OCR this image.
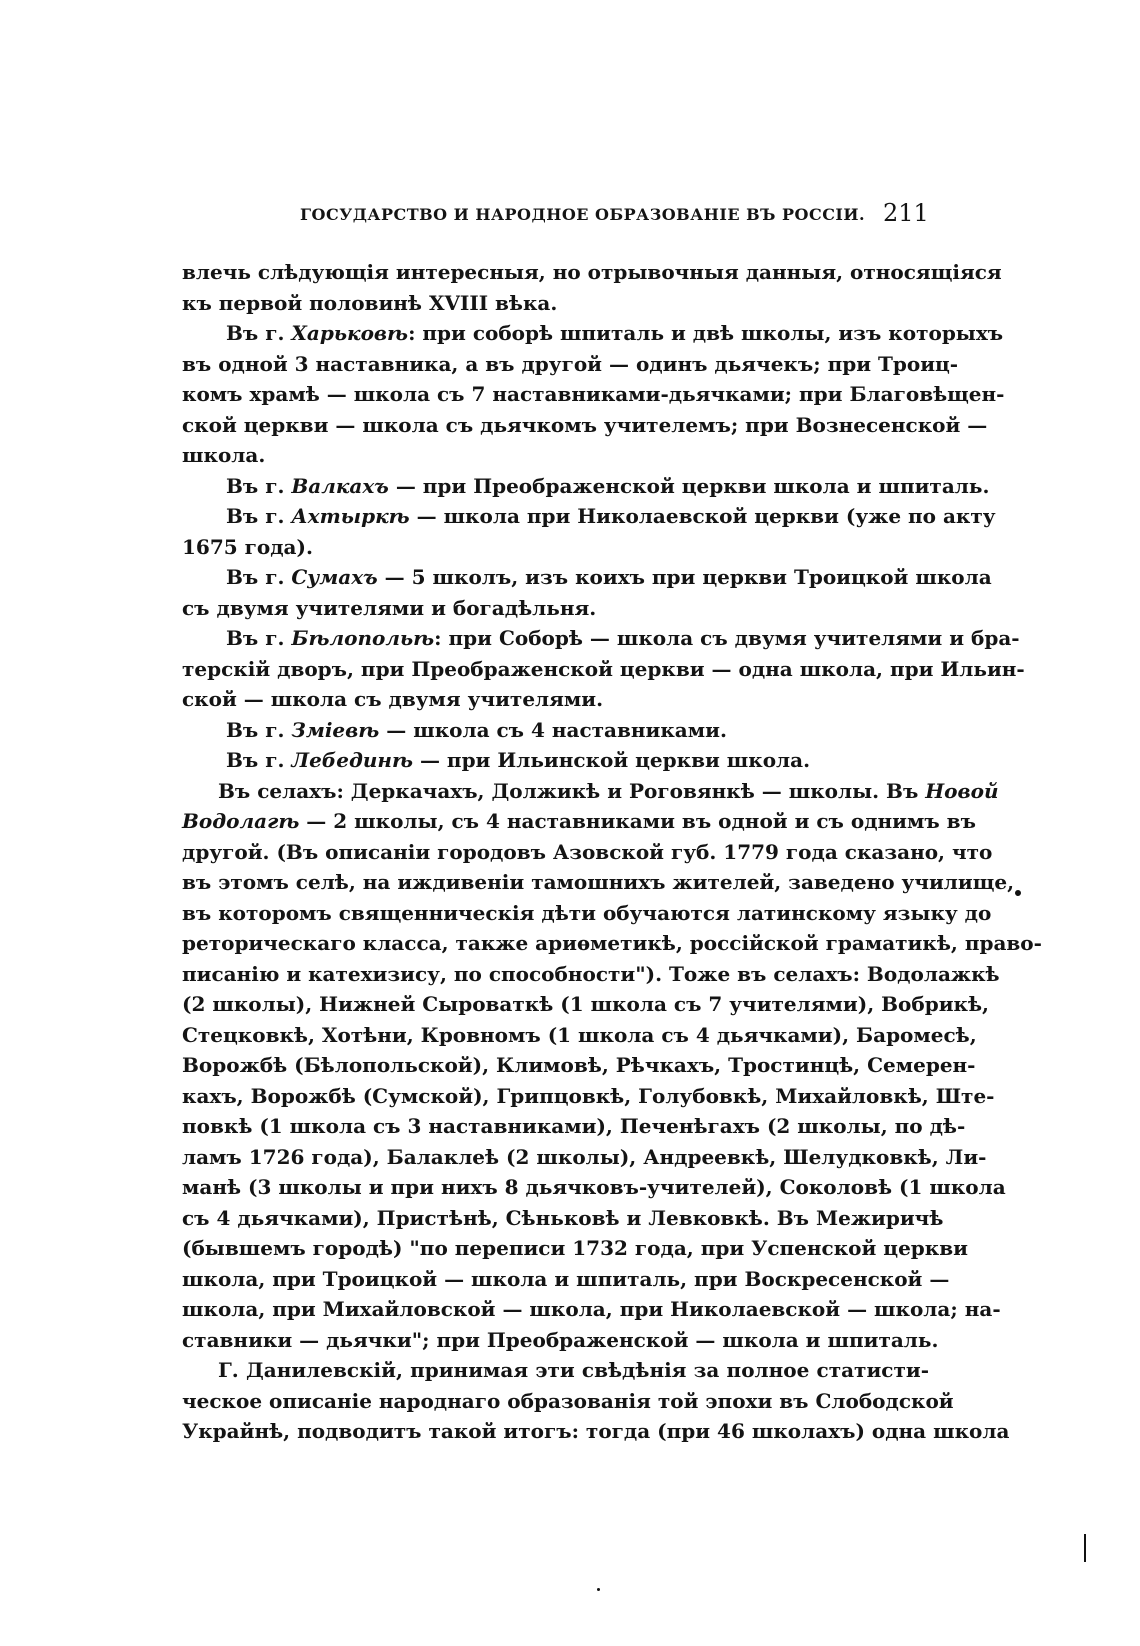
ГОСУДАРСТВО И НАРОДНОЕ ОБРАЗОВАНІЕ ВЪ РОССІИ. 211
влечь слѣдующія интересныя, но отрывочныя данныя, относящіяся
къ первой половинѣ XVIII вѣка.
Въ г. Харьковѣ: при соборѣ шпиталь и двѣ школы, изъ которыхъ
въ одной 3 наставника, а въ другой — одинъ дьячекъ; при Троиц-
комъ храмѣ — школа съ 7 наставниками-дьячками; при Благовѣщен-
ской церкви — школа съ дьячкомъ учителемъ; при Вознесенской —
школа.
Въ г. Валкахъ — при Преображенской церкви школа и шпиталь.
Въ г. Ахтыркѣ — школа при Николаевской церкви (уже по акту
1675 года).
Въ г. Сумахъ — 5 школъ, изъ коихъ при церкви Троицкой школа
съ двумя учителями и богадѣльня.
Въ г. Бѣлопольѣ: при Соборѣ — школа съ двумя учителями и бра-
терскій дворъ, при Преображенской церкви — одна школа, при Ильин-
ской — школа съ двумя учителями.
Въ г. Зміевѣ — школа съ 4 наставниками.
Въ г. Лебединѣ — при Ильинской церкви школа.
Въ селахъ: Деркачахъ, Должикѣ и Роговянкѣ — школы. Въ Новой
Водолагѣ — 2 школы, съ 4 наставниками въ одной и съ однимъ въ
другой. (Въ описаніи городовъ Азовской губ. 1779 года сказано, что
въ этомъ селѣ, на иждивеніи тамошнихъ жителей, заведено училище,
въ которомъ священническія дѣти обучаются латинскому языку до
реторическаго класса, также ариѳметикѣ, россійской граматикѣ, право-
писанію и катехизису, по способности"). Тоже въ селахъ: Водолажкѣ
(2 школы), Нижней Сыроваткѣ (1 школа съ 7 учителями), Вобрикѣ,
Стецковкѣ, Хотѣни, Кровномъ (1 школа съ 4 дьячками), Баромесѣ,
Ворожбѣ (Бѣлопольской), Климовѣ, Рѣчкахъ, Тростинцѣ, Семерен-
кахъ, Ворожбѣ (Сумской), Грипцовкѣ, Голубовкѣ, Михайловкѣ, Ште-
повкѣ (1 школа съ 3 наставниками), Печенѣгахъ (2 школы, по дѣ-
ламъ 1726 года), Балаклеѣ (2 школы), Андреевкѣ, Шелудковкѣ, Ли-
манѣ (3 школы и при нихъ 8 дьячковъ-учителей), Соколовѣ (1 школа
съ 4 дьячками), Пристѣнѣ, Сѣньковѣ и Левковкѣ. Въ Межиричѣ
(бывшемъ городѣ) "по переписи 1732 года, при Успенской церкви
школа, при Троицкой — школа и шпиталь, при Воскресенской —
школа, при Михайловской — школа, при Николаевской — школа; на-
ставники — дьячки"; при Преображенской — школа и шпиталь.
Г. Данилевскій, принимая эти свѣдѣнія за полное статисти-
ческое описаніе народнаго образованія той эпохи въ Слободской
Украйнѣ, подводитъ такой итогъ: тогда (при 46 школахъ) одна школа
